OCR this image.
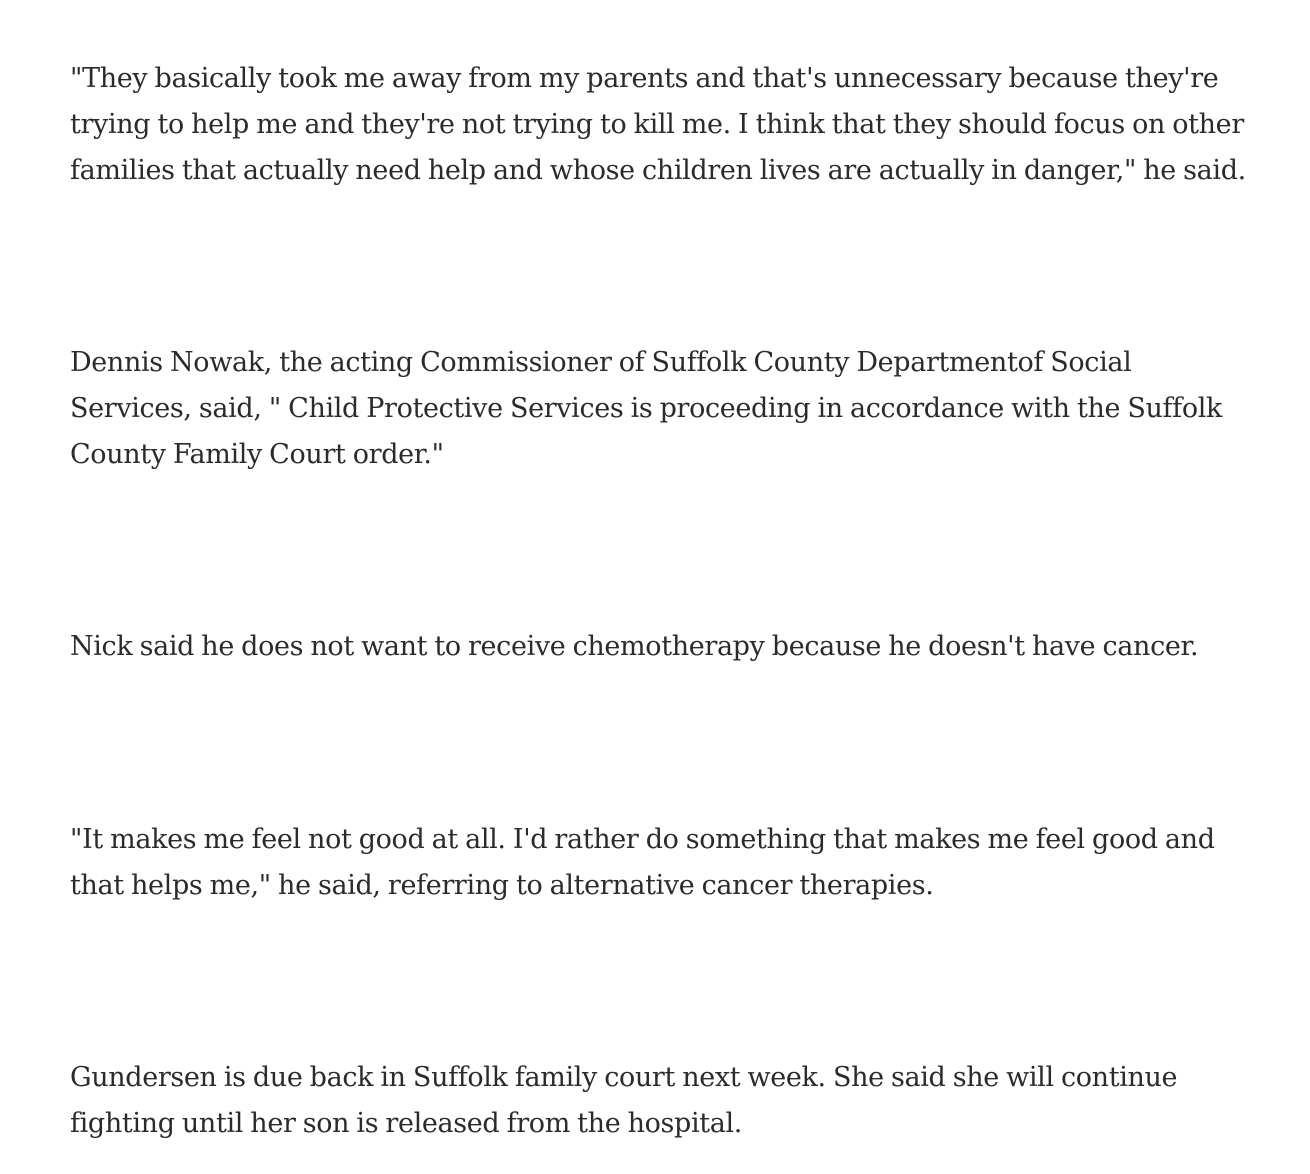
"They basically took me away from my parents and that's unnecessary because they're
trying to help me and they're not trying to kill me. I think that they should focus on other
families that actually need help and whose children lives are actually in danger," he said.

Dennis Nowak, the acting Commissioner of Suffolk County Departmentof Social
Services, said, " Child Protective Services is proceeding in accordance with the Suffolk
County Family Court order."

Nick said he does not want to receive chemotherapy because he doesn't have cancer.

"It makes me feel not good at all. I'd rather do something that makes me feel good and
that helps me," he said, referring to alternative cancer therapies.

Gundersen is due back in Suffolk family court next week. She said she will continue
fighting until her son is released from the hospital.
